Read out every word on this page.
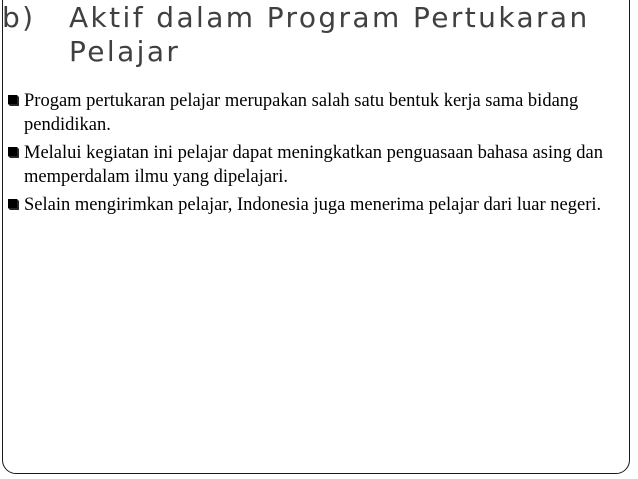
b) Aktif dalam Program Pertukaran
Pelajar
Progam pertukaran pelajar merupakan salah satu bentuk kerja sama bidang pendidikan.
Melalui kegiatan ini pelajar dapat meningkatkan penguasaan bahasa asing dan memperdalam ilmu yang dipelajari.
Selain mengirimkan pelajar, Indonesia juga menerima pelajar dari luar negeri.
